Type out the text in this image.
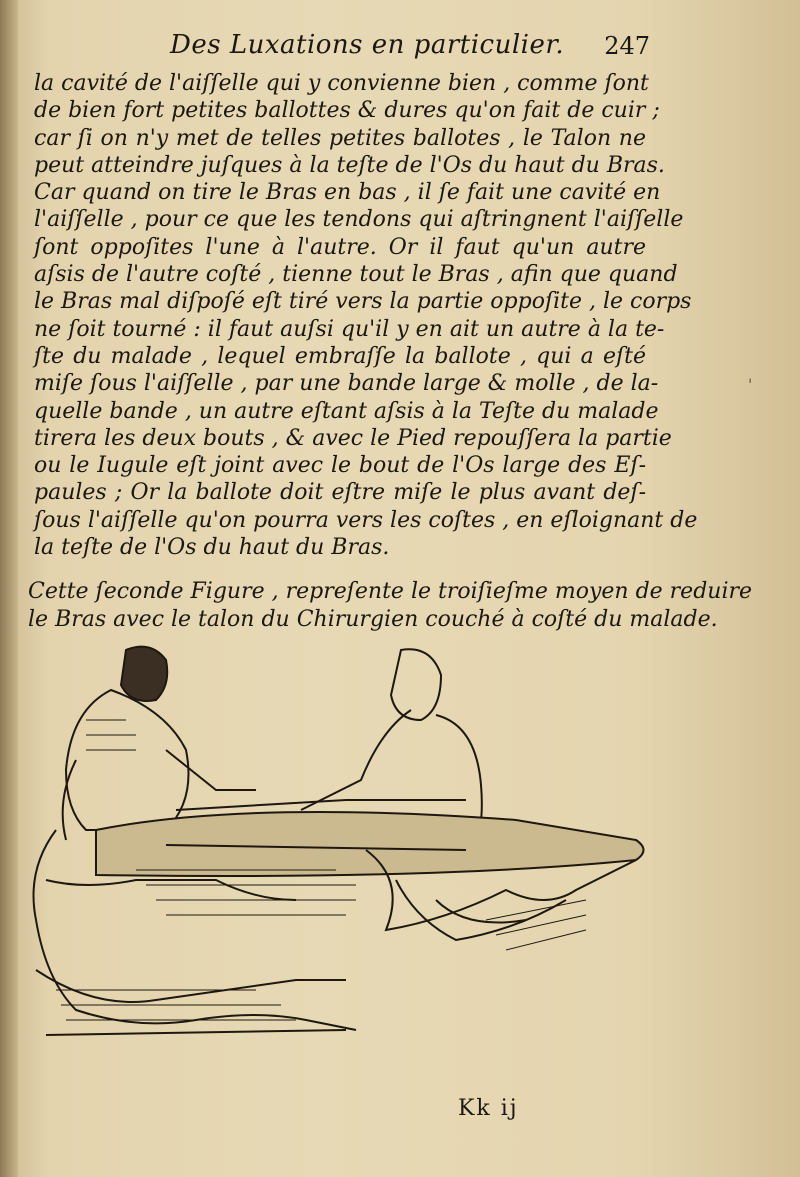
Des Luxations en particulier. 247
la cavité de l'aiſſelle qui y convienne bien , comme ſont
de bien fort petites ballottes & dures qu'on fait de cuir ;
car ſi on n'y met de telles petites ballotes , le Talon ne
peut atteindre juſques à la teſte de l'Os du haut du Bras.
Car quand on tire le Bras en bas , il ſe fait une cavité en
l'aiſſelle , pour ce que les tendons qui aſtringnent l'aiſſelle
ſont oppoſites l'une à l'autre. Or il faut qu'un autre
aſsis de l'autre coſté , tienne tout le Bras , afin que quand
le Bras mal diſpoſé eſt tiré vers la partie oppoſite , le corps
ne ſoit tourné : il faut auſsi qu'il y en ait un autre à la te-
ſte du malade , lequel embraſſe la ballote , qui a eſté
miſe ſous l'aiſſelle , par une bande large & molle , de la-
quelle bande , un autre eſtant aſsis à la Teſte du malade
tirera les deux bouts , & avec le Pied repouſſera la partie
ou le Iugule eſt joint avec le bout de l'Os large des Eſ-
paules ; Or la ballote doit eſtre miſe le plus avant deſ-
ſous l'aiſſelle qu'on pourra vers les coſtes , en eſloignant de
la teſte de l'Os du haut du Bras.
'
Cette ſeconde Figure , repreſente le troiſieſme moyen de reduire
le Bras avec le talon du Chirurgien couché à coſté du malade.
Kk ij
